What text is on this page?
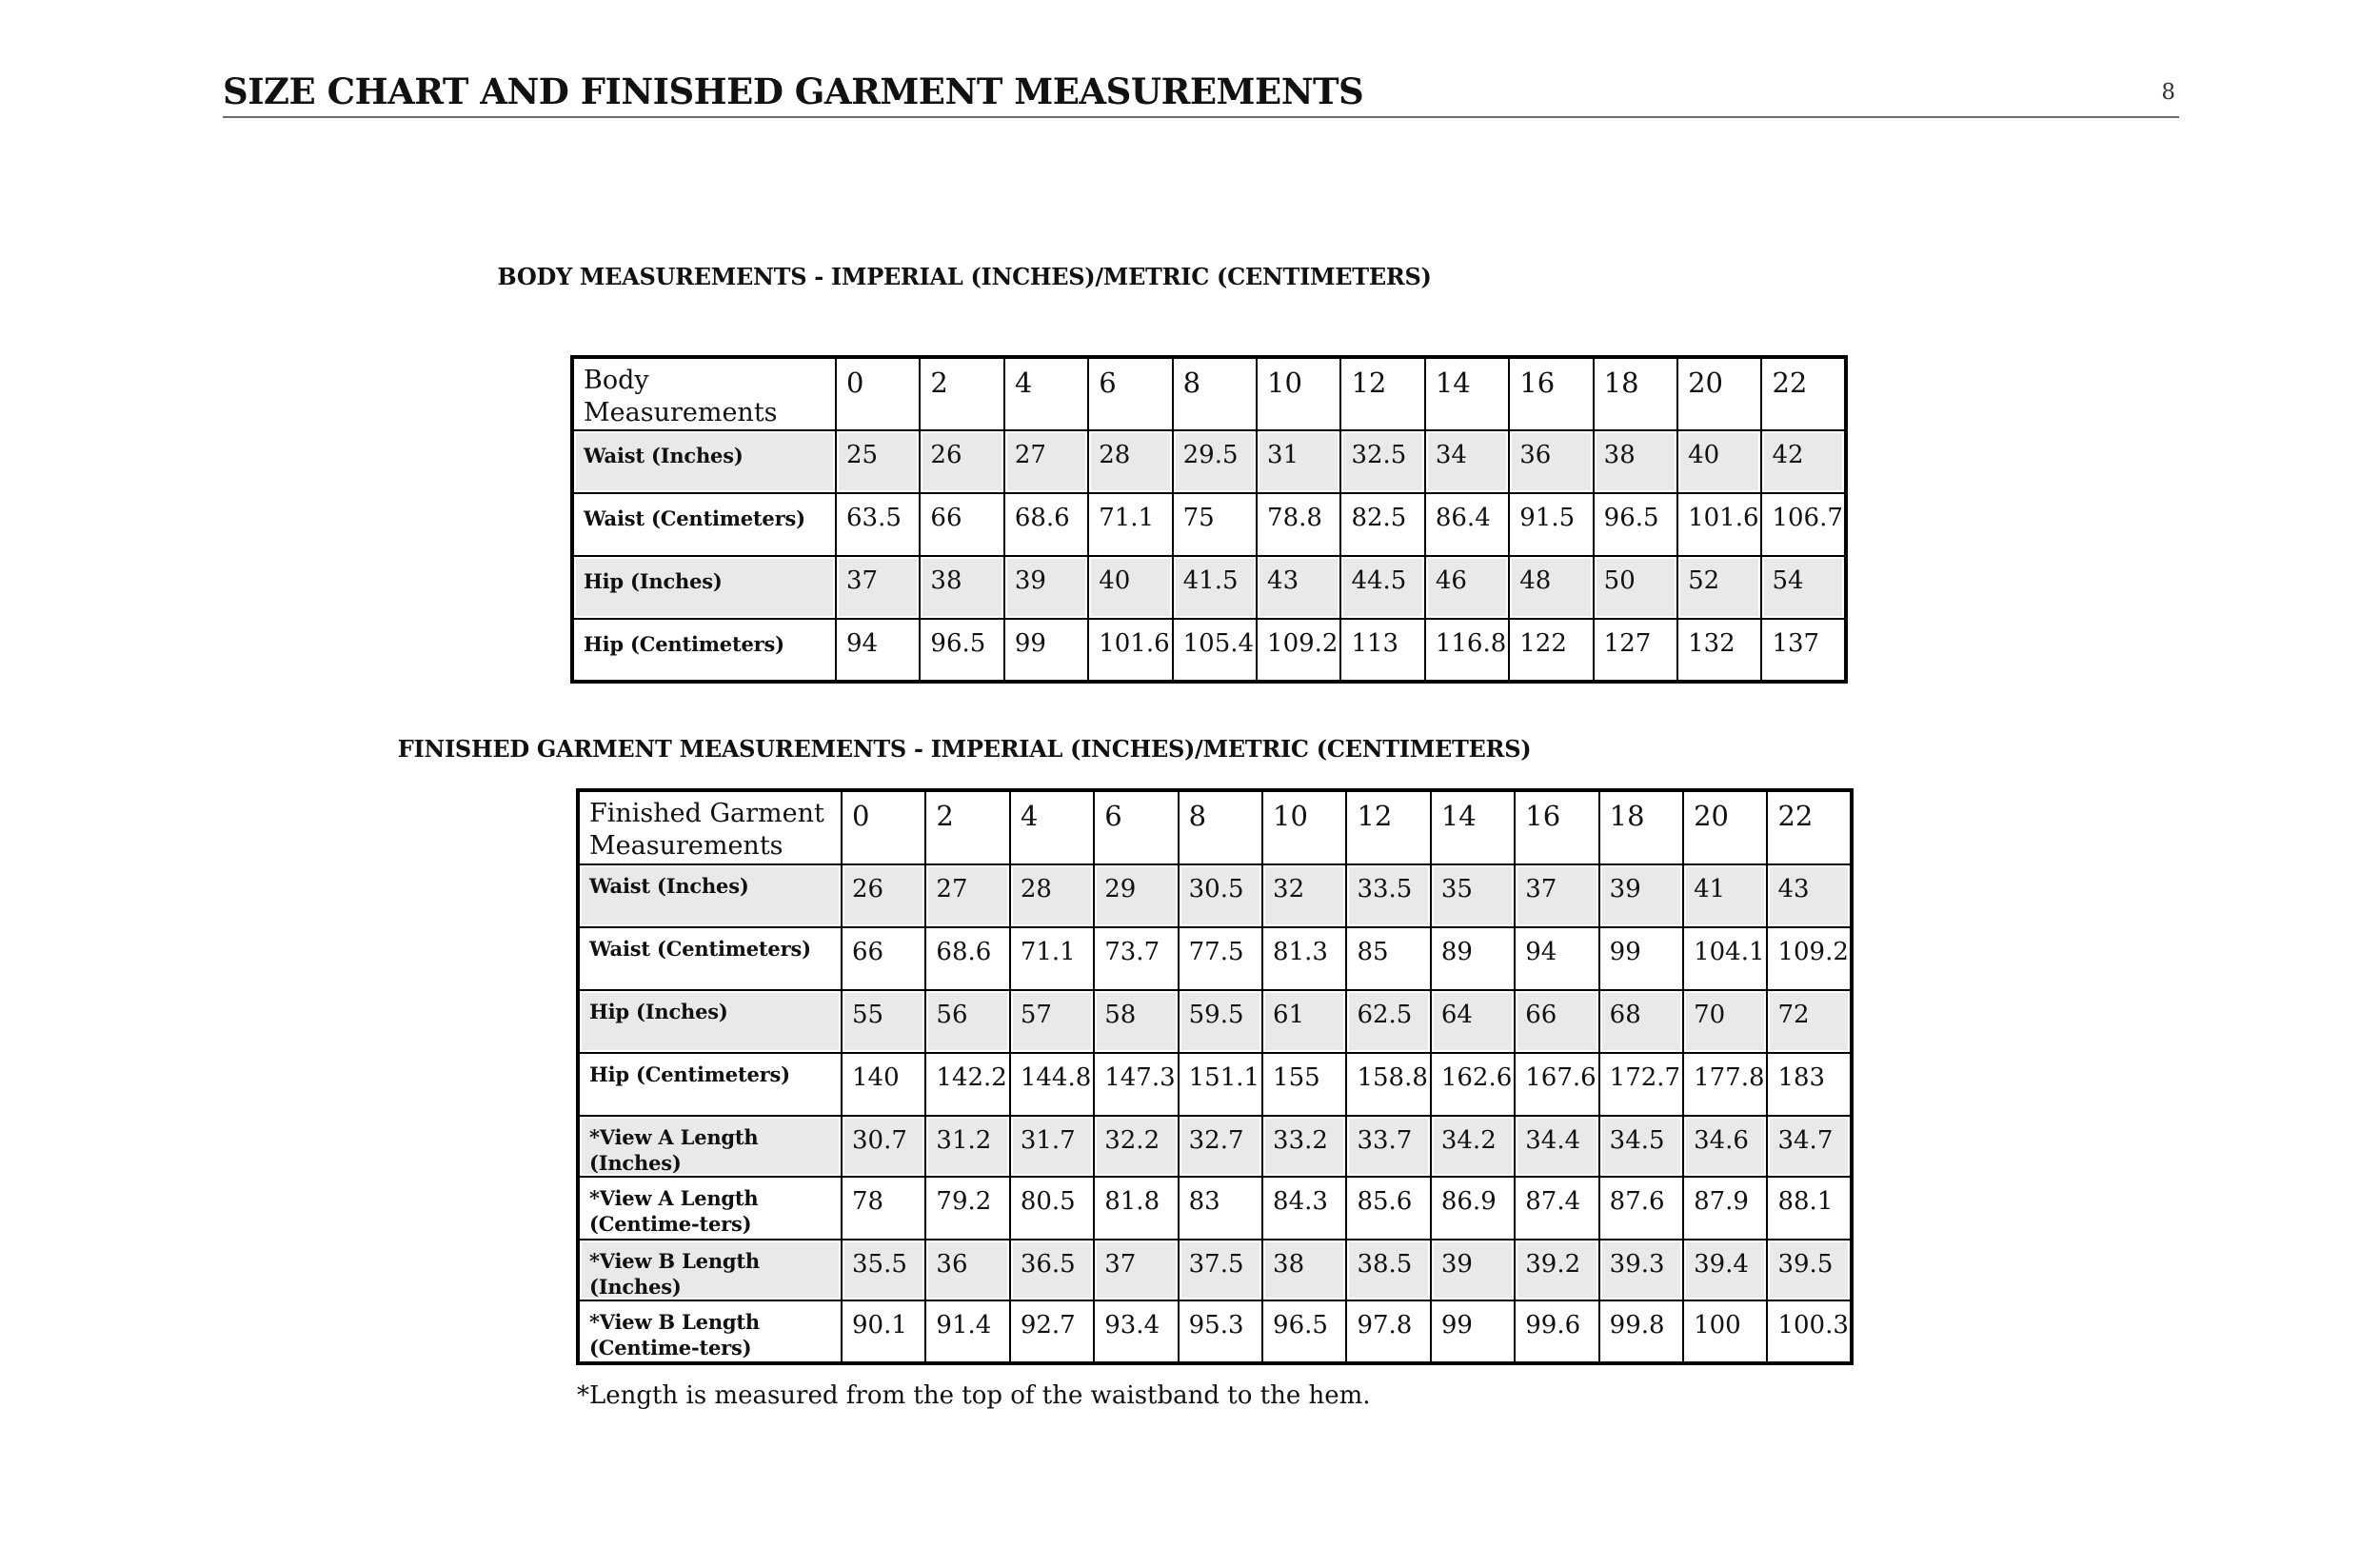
SIZE CHART AND FINISHED GARMENT MEASUREMENTS	8
BODY MEASUREMENTS - IMPERIAL (INCHES)/METRIC (CENTIMETERS)
Body Measurements	0	2	4	6	8	10	12	14	16	18	20	22
Waist (Inches)	25	26	27	28	29.5	31	32.5	34	36	38	40	42
Waist (Centimeters)	63.5	66	68.6	71.1	75	78.8	82.5	86.4	91.5	96.5	101.6	106.7
Hip (Inches)	37	38	39	40	41.5	43	44.5	46	48	50	52	54
Hip (Centimeters)	94	96.5	99	101.6	105.4	109.2	113	116.8	122	127	132	137
FINISHED GARMENT MEASUREMENTS - IMPERIAL (INCHES)/METRIC (CENTIMETERS)
Finished Garment Measurements	0	2	4	6	8	10	12	14	16	18	20	22
Waist (Inches)	26	27	28	29	30.5	32	33.5	35	37	39	41	43
Waist (Centimeters)	66	68.6	71.1	73.7	77.5	81.3	85	89	94	99	104.1	109.2
Hip (Inches)	55	56	57	58	59.5	61	62.5	64	66	68	70	72
Hip (Centimeters)	140	142.2	144.8	147.3	151.1	155	158.8	162.6	167.6	172.7	177.8	183
*View A Length (Inches)	30.7	31.2	31.7	32.2	32.7	33.2	33.7	34.2	34.4	34.5	34.6	34.7
*View A Length (Centime-ters)	78	79.2	80.5	81.8	83	84.3	85.6	86.9	87.4	87.6	87.9	88.1
*View B Length (Inches)	35.5	36	36.5	37	37.5	38	38.5	39	39.2	39.3	39.4	39.5
*View B Length (Centime-ters)	90.1	91.4	92.7	93.4	95.3	96.5	97.8	99	99.6	99.8	100	100.3
*Length is measured from the top of the waistband to the hem.
